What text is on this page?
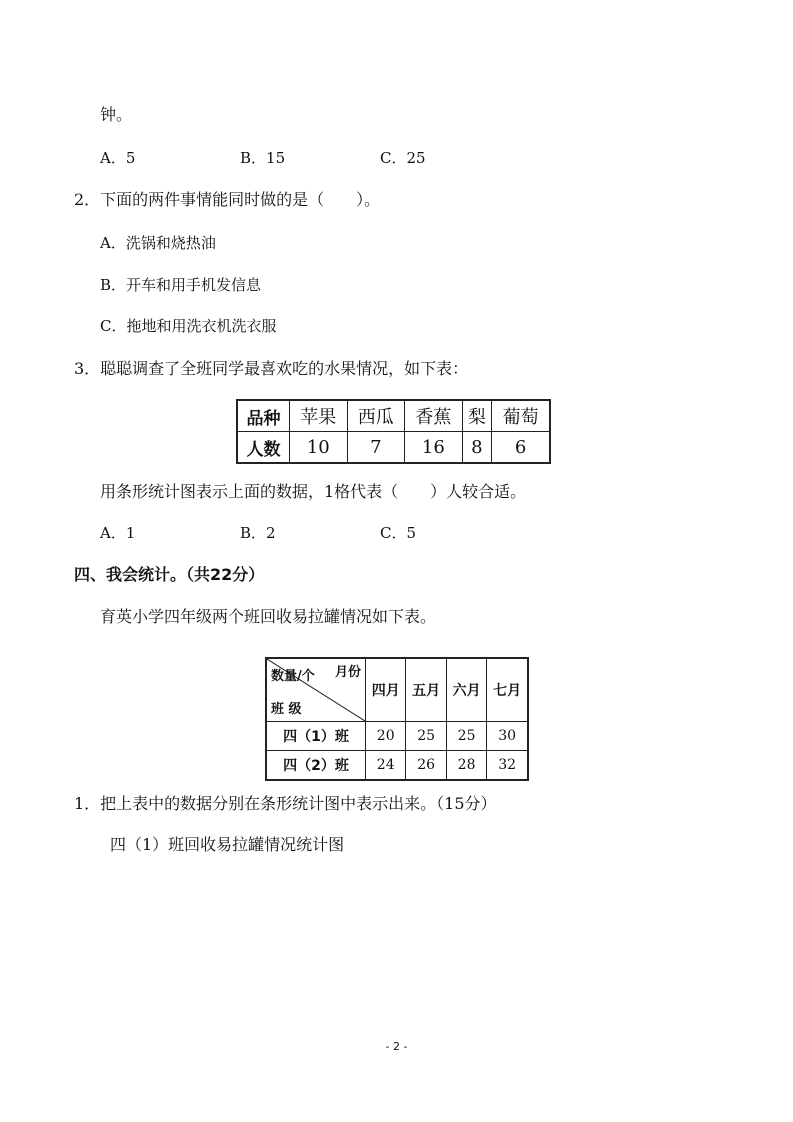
钟。
A．5	B．15	C．25
2．下面的两件事情能同时做的是（　　）。
A．洗锅和烧热油
B．开车和用手机发信息
C．拖地和用洗衣机洗衣服
3．聪聪调查了全班同学最喜欢吃的水果情况，如下表：
品种	苹果	西瓜	香蕉	梨	葡萄
人数	10	7	16	8	6
用条形统计图表示上面的数据，1格代表（　　）人较合适。
A．1	B．2	C．5
四、我会统计。（共22分）
育英小学四年级两个班回收易拉罐情况如下表。
数量/个 月份
班 级	四月	五月	六月	七月
四（1）班	20	25	25	30
四（2）班	24	26	28	32
1．把上表中的数据分别在条形统计图中表示出来。（15分）
四（1）班回收易拉罐情况统计图
- 2 -
